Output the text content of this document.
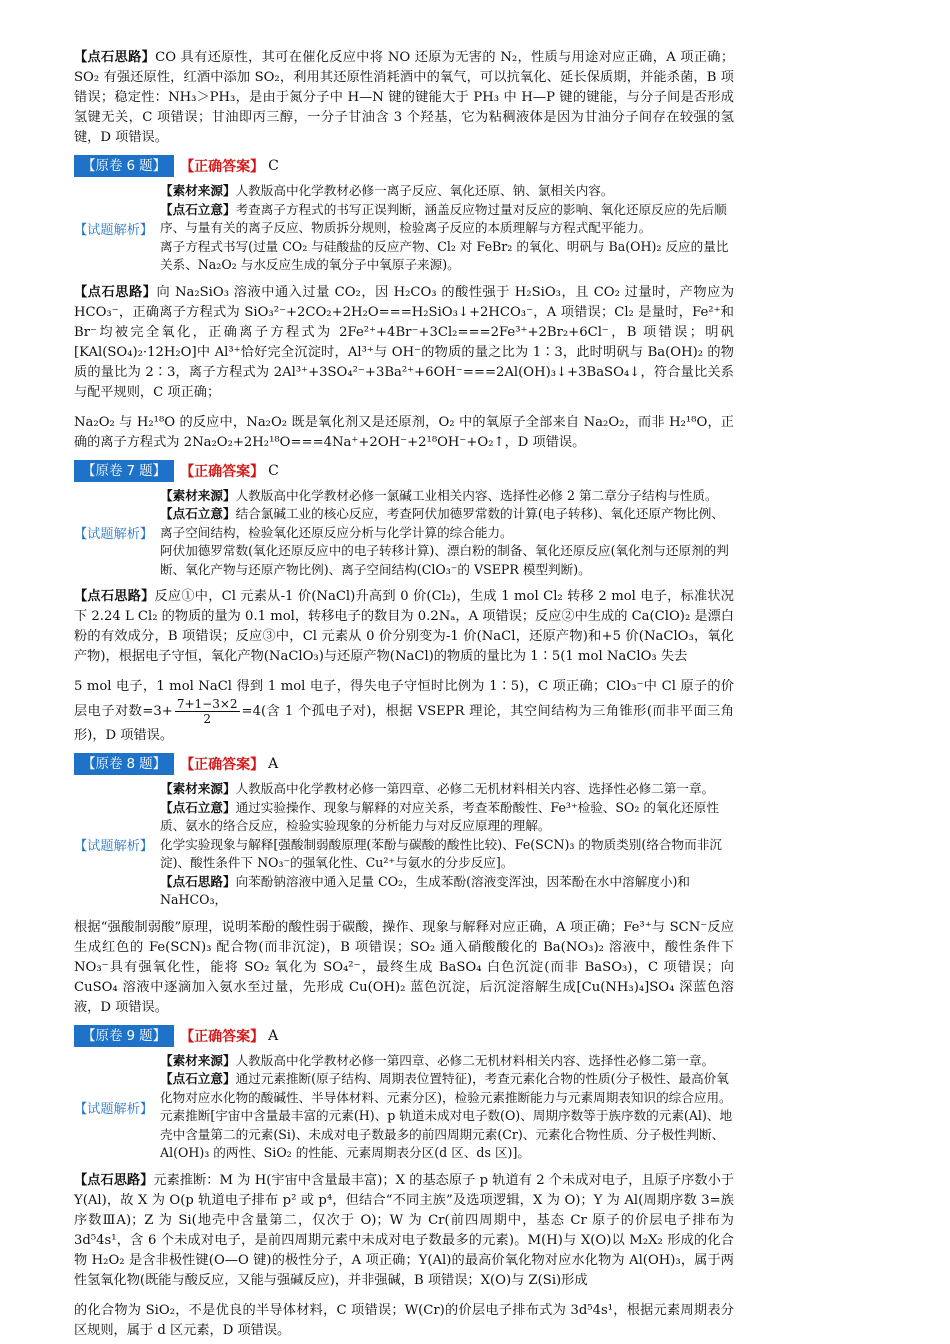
【点石思路】CO 具有还原性，其可在催化反应中将 NO 还原为无害的 N₂，性质与用途对应正确，A 项正确；SO₂ 有强还原性，红酒中添加 SO₂，利用其还原性消耗酒中的氧气，可以抗氧化、延长保质期，并能杀菌，B 项错误；稳定性：NH₃＞PH₃，是由于氮分子中 H—N 键的键能大于 PH₃ 中 H—P 键的键能，与分子间是否形成氢键无关，C 项错误；甘油即丙三醇，一分子甘油含 3 个羟基，它为粘稠液体是因为甘油分子间存在较强的氢键，D 项错误。

【原卷 6 题】	【正确答案】 C
【试题解析】

【素材来源】人教版高中化学教材必修一离子反应、氧化还原、钠、氯相关内容。

【点石立意】考查离子方程式的书写正误判断，涵盖反应物过量对反应的影响、氧化还原反应的先后顺序、与量有关的离子反应、物质拆分规则，检验离子反应的本质理解与方程式配平能力。

离子方程式书写(过量 CO₂ 与硅酸盐的反应产物、Cl₂ 对 FeBr₂ 的氧化、明矾与 Ba(OH)₂ 反应的量比关系、Na₂O₂ 与水反应生成的氧分子中氧原子来源)。

【点石思路】向 Na₂SiO₃ 溶液中通入过量 CO₂，因 H₂CO₃ 的酸性强于 H₂SiO₃，且 CO₂ 过量时，产物应为 HCO₃⁻，正确离子方程式为 SiO₃²⁻+2CO₂+2H₂O===H₂SiO₃↓+2HCO₃⁻，A 项错误；Cl₂ 是量时，Fe²⁺和 Br⁻均被完全氧化，正确离子方程式为 2Fe²⁺+4Br⁻+3Cl₂===2Fe³⁺+2Br₂+6Cl⁻，B 项错误；明矾[KAl(SO₄)₂·12H₂O]中 Al³⁺恰好完全沉淀时，Al³⁺与 OH⁻的物质的量之比为 1∶3，此时明矾与 Ba(OH)₂ 的物质的量比为 2∶3，离子方程式为 2Al³⁺+3SO₄²⁻+3Ba²⁺+6OH⁻===2Al(OH)₃↓+3BaSO₄↓，符合量比关系与配平规则，C 项正确；

Na₂O₂ 与 H₂¹⁸O 的反应中，Na₂O₂ 既是氧化剂又是还原剂，O₂ 中的氧原子全部来自 Na₂O₂，而非 H₂¹⁸O，正确的离子方程式为 2Na₂O₂+2H₂¹⁸O===4Na⁺+2OH⁻+2¹⁸OH⁻+O₂↑，D 项错误。

【原卷 7 题】	【正确答案】 C
【试题解析】

【素材来源】人教版高中化学教材必修一氯碱工业相关内容、选择性必修 2 第二章分子结构与性质。

【点石立意】结合氯碱工业的核心反应，考查阿伏加德罗常数的计算(电子转移)、氧化还原产物比例、离子空间结构，检验氧化还原反应分析与化学计算的综合能力。

阿伏加德罗常数(氧化还原反应中的电子转移计算)、漂白粉的制备、氧化还原反应(氧化剂与还原剂的判断、氧化产物与还原产物比例)、离子空间结构(ClO₃⁻的 VSEPR 模型判断)。

【点石思路】反应①中，Cl 元素从-1 价(NaCl)升高到 0 价(Cl₂)，生成 1 mol Cl₂ 转移 2 mol 电子，标准状况下 2.24 L Cl₂ 的物质的量为 0.1 mol，转移电子的数目为 0.2Nₐ，A 项错误；反应②中生成的 Ca(ClO)₂ 是漂白粉的有效成分，B 项错误；反应③中，Cl 元素从 0 价分别变为-1 价(NaCl，还原产物)和+5 价(NaClO₃，氧化产物)，根据电子守恒，氧化产物(NaClO₃)与还原产物(NaCl)的物质的量比为 1∶5(1 mol NaClO₃ 失去

5 mol 电子，1 mol NaCl 得到 1 mol 电子，得失电子守恒时比例为 1∶5)，C 项正确；ClO₃⁻中 Cl 原子的价层电子对数$=3+ \frac{7+1-3\times 2}{2} =4$(含 1 个孤电子对)，根据 VSEPR 理论，其空间结构为三角锥形(而非平面三角形)，D 项错误。

【原卷 8 题】	【正确答案】 A
【试题解析】

【素材来源】人教版高中化学教材必修一第四章、必修二无机材料相关内容、选择性必修二第一章。

【点石立意】通过实验操作、现象与解释的对应关系，考查苯酚酸性、Fe³⁺检验、SO₂ 的氧化还原性质、氨水的络合反应，检验实验现象的分析能力与对反应原理的理解。

化学实验现象与解释[强酸制弱酸原理(苯酚与碳酸的酸性比较)、Fe(SCN)₃ 的物质类别(络合物而非沉淀)、酸性条件下 NO₃⁻的强氧化性、Cu²⁺与氨水的分步反应]。

【点石思路】向苯酚钠溶液中通入足量 CO₂，生成苯酚(溶液变浑浊，因苯酚在水中溶解度小)和 NaHCO₃，

根据“强酸制弱酸”原理，说明苯酚的酸性弱于碳酸，操作、现象与解释对应正确，A 项正确；Fe³⁺与 SCN⁻反应生成红色的 Fe(SCN)₃ 配合物(而非沉淀)，B 项错误；SO₂ 通入硝酸酸化的 Ba(NO₃)₂ 溶液中，酸性条件下 NO₃⁻具有强氧化性，能将 SO₂ 氧化为 SO₄²⁻，最终生成 BaSO₄ 白色沉淀(而非 BaSO₃)，C 项错误；向 CuSO₄ 溶液中逐滴加入氨水至过量，先形成 Cu(OH)₂ 蓝色沉淀，后沉淀溶解生成[Cu(NH₃)₄]SO₄ 深蓝色溶液，D 项错误。

【原卷 9 题】	【正确答案】 A
【试题解析】

【素材来源】人教版高中化学教材必修一第四章、必修二无机材料相关内容、选择性必修二第一章。

【点石立意】通过元素推断(原子结构、周期表位置特征)，考查元素化合物的性质(分子极性、最高价氧化物对应水化物的酸碱性、半导体材料、元素分区)，检验元素推断能力与元素周期表知识的综合应用。

元素推断[宇宙中含量最丰富的元素(H)、p 轨道未成对电子数(O)、周期序数等于族序数的元素(Al)、地壳中含量第二的元素(Si)、未成对电子数最多的前四周期元素(Cr)、元素化合物性质、分子极性判断、Al(OH)₃ 的两性、SiO₂ 的性能、元素周期表分区(d 区、ds 区)]。

【点石思路】元素推断：M 为 H(宇宙中含量最丰富)；X 的基态原子 p 轨道有 2 个未成对电子，且原子序数小于 Y(Al)，故 X 为 O(p 轨道电子排布 p² 或 p⁴，但结合“不同主族”及选项逻辑，X 为 O)；Y 为 Al(周期序数 3=族序数ⅢA)；Z 为 Si(地壳中含量第二，仅次于 O)；W 为 Cr(前四周期中，基态 Cr 原子的价层电子排布为 3d⁵4s¹，含 6 个未成对电子，是前四周期元素中未成对电子数最多的元素)。M(H)与 X(O)以 M₂X₂ 形成的化合物 H₂O₂ 是含非极性键(O—O 键)的极性分子，A 项正确；Y(Al)的最高价氧化物对应水化物为 Al(OH)₃，属于两性氢氧化物(既能与酸反应，又能与强碱反应)，并非强碱，B 项错误；X(O)与 Z(Si)形成

的化合物为 SiO₂，不是优良的半导体材料，C 项错误；W(Cr)的价层电子排布式为 3d⁵4s¹，根据元素周期表分区规则，属于 d 区元素，D 项错误。
